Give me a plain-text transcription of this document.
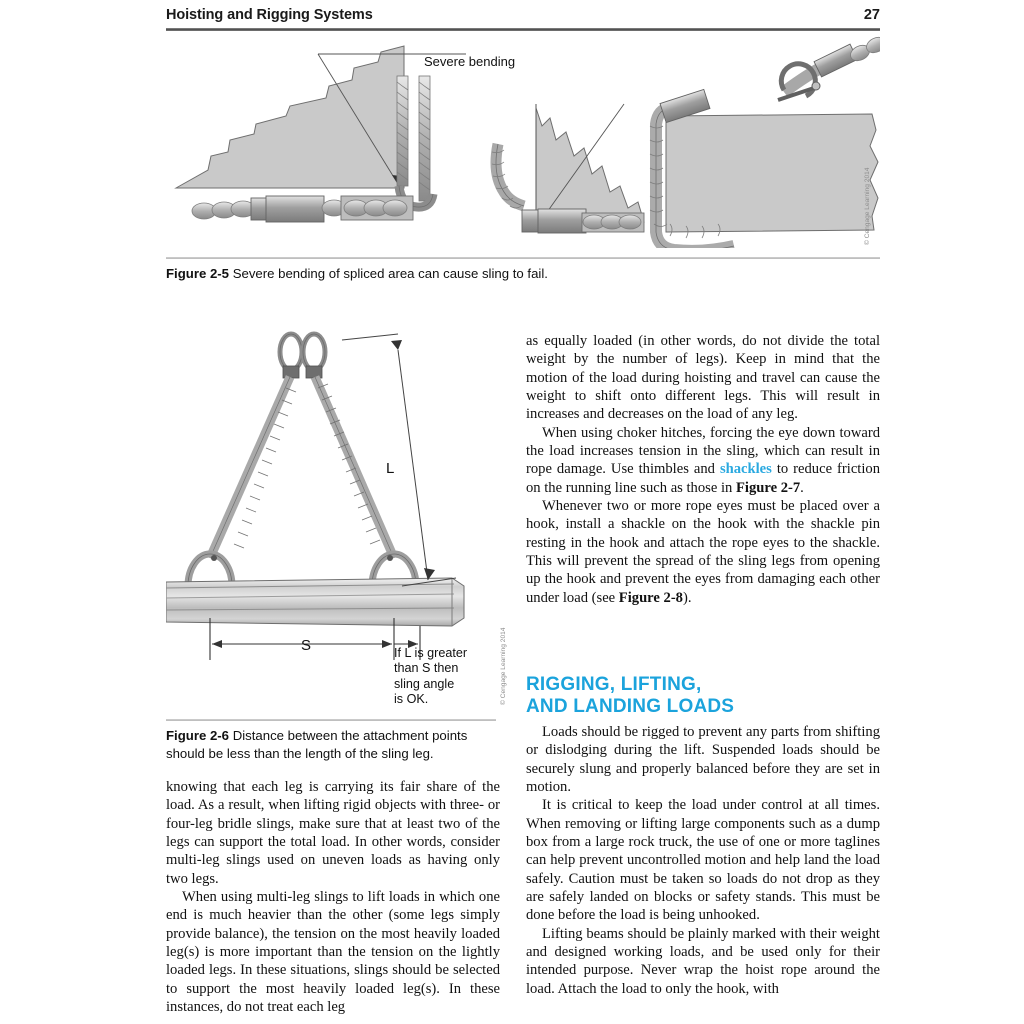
Hoisting and Rigging Systems	27
Severe bending
© Cengage Learning 2014
Figure 2-5 Severe bending of spliced area can cause sling to fail.
L
S	If L is greater
than S then
sling angle
is OK.	© Cengage Learning 2014
Figure 2-6 Distance between the attachment points should be less than the length of the sling leg.

knowing that each leg is carrying its fair share of the load. As a result, when lifting rigid objects with three- or four-leg bridle slings, make sure that at least two of the legs can support the total load. In other words, consider multi-leg slings used on uneven loads as having only two legs.

When using multi-leg slings to lift loads in which one end is much heavier than the other (some legs simply provide balance), the tension on the most heavily loaded leg(s) is more important than the tension on the lightly loaded legs. In these situations, slings should be selected to support the most heavily loaded leg(s). In these instances, do not treat each leg

as equally loaded (in other words, do not divide the total weight by the number of legs). Keep in mind that the motion of the load during hoisting and travel can cause the weight to shift onto different legs. This will result in increases and decreases on the load of any leg.

When using choker hitches, forcing the eye down toward the load increases tension in the sling, which can result in rope damage. Use thimbles and shackles to reduce friction on the running line such as those in Figure 2-7.

Whenever two or more rope eyes must be placed over a hook, install a shackle on the hook with the shackle pin resting in the hook and attach the rope eyes to the shackle. This will prevent the spread of the sling legs from opening up the hook and prevent the eyes from damaging each other under load (see Figure 2-8).

RIGGING, LIFTING,
AND LANDING LOADS

Loads should be rigged to prevent any parts from shifting or dislodging during the lift. Suspended loads should be securely slung and properly balanced before they are set in motion.

It is critical to keep the load under control at all times. When removing or lifting large components such as a dump box from a large rock truck, the use of one or more taglines can help prevent uncontrolled motion and help land the load safely. Caution must be taken so loads do not drop as they are safely landed on blocks or safety stands. This must be done before the load is being unhooked.

Lifting beams should be plainly marked with their weight and designed working loads, and be used only for their intended purpose. Never wrap the hoist rope around the load. Attach the load to only the hook, with
